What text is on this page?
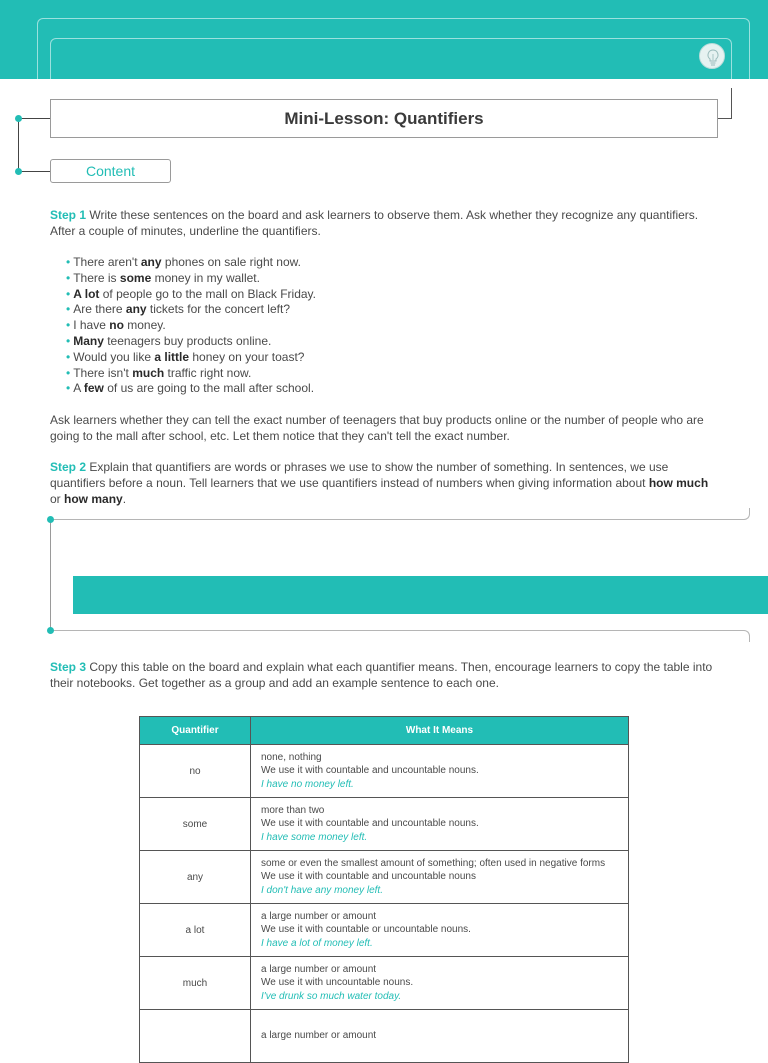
Mini-Lesson: Quantifiers
Content

Step 1 Write these sentences on the board and ask learners to observe them. Ask whether they recognize any quantifiers. After a couple of minutes, underline the quantifiers.

• There aren't any phones on sale right now.
• There is some money in my wallet.
• A lot of people go to the mall on Black Friday.
• Are there any tickets for the concert left?
• I have no money.
• Many teenagers buy products online.
• Would you like a little honey on your toast?
• There isn't much traffic right now.
• A few of us are going to the mall after school.

Ask learners whether they can tell the exact number of teenagers that buy products online or the number of people who are going to the mall after school, etc. Let them notice that they can't tell the exact number.

Step 2 Explain that quantifiers are words or phrases we use to show the number of something. In sentences, we use quantifiers before a noun. Tell learners that we use quantifiers instead of numbers when giving information about how much or how many.

Step 3 Copy this table on the board and explain what each quantifier means. Then, encourage learners to copy the table into their notebooks. Get together as a group and add an example sentence to each one.

Quantifier	What It Means
no	none, nothing
We use it with countable and uncountable nouns.
I have no money left.

some	more than two
We use it with countable and uncountable nouns.
I have some money left.

any	some or even the smallest amount of something; often used in negative forms
We use it with countable and uncountable nouns
I don't have any money left.

a lot	a large number or amount
We use it with countable or uncountable nouns.
I have a lot of money left.

much	a large number or amount
We use it with uncountable nouns.
I've drunk so much water today.

	a large number or amount
